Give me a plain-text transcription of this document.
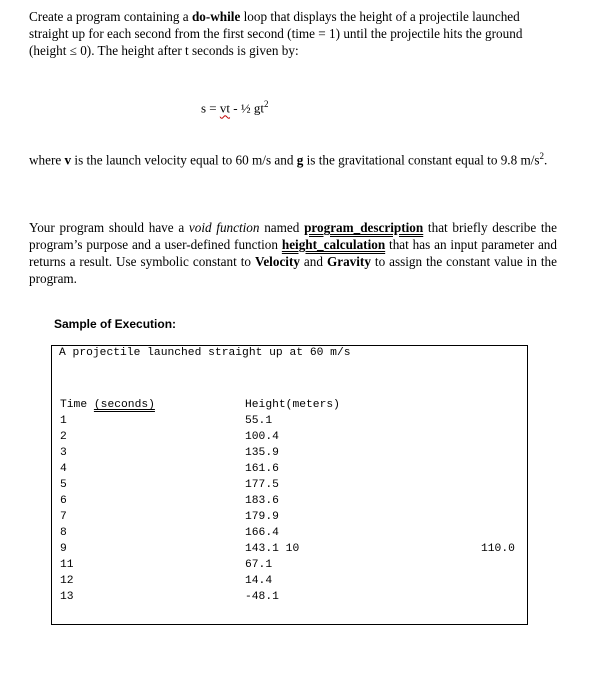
Create a program containing a do-while loop that displays the height of a projectile launched straight up for each second from the first second (time = 1) until the projectile hits the ground (height ≤ 0). The height after t seconds is given by:

s = vt - ½ $gt^2$

where v is the launch velocity equal to 60 m/s and g is the gravitational constant equal to 9.8 $m/s^2$.

Your program should have a void function named program_description that briefly describe the program’s purpose and a user-defined function height_calculation that has an input parameter and returns a result. Use symbolic constant to Velocity and Gravity to assign the constant value in the program.

Sample of Execution:
A projectile launched straight up at 60 m/s
Time (seconds)	Height(meters)
1	55.1
2	100.4
3	135.9
4	161.6
5	177.5
6	183.6
7	179.9
8	166.4
9	143.1 10	110.0
11	67.1
12	14.4
13	-48.1
